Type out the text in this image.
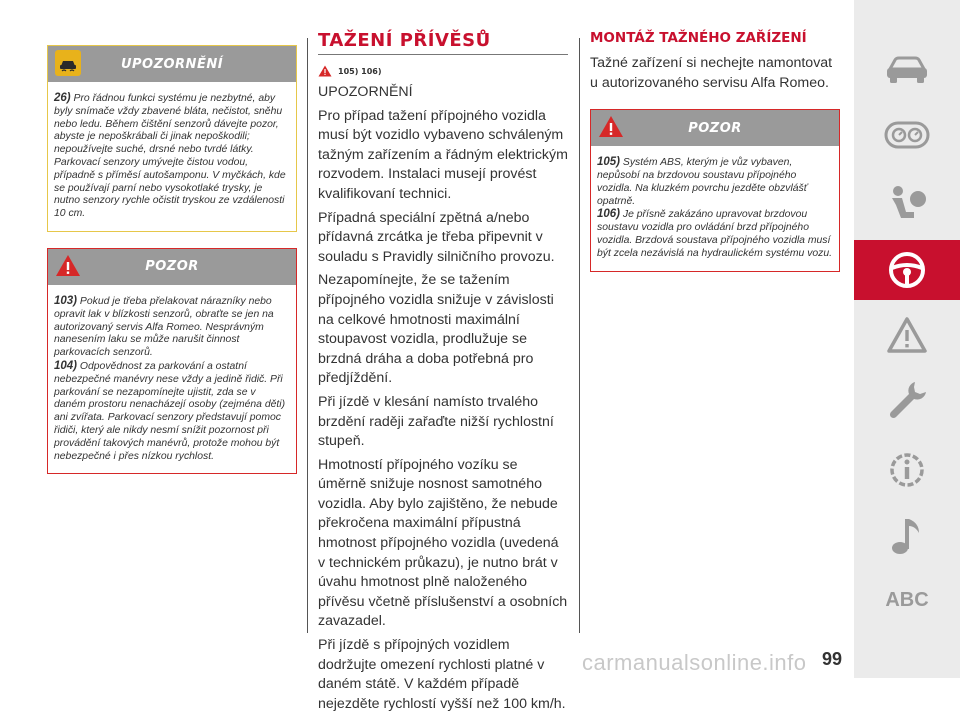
UPOZORNĚNÍ

26) Pro řádnou funkci systému je nezbytné, aby byly snímače vždy zbavené bláta, nečistot, sněhu nebo ledu. Během čištění senzorů dávejte pozor, abyste je nepoškrábali či jinak nepoškodili; nepoužívejte suché, drsné nebo tvrdé látky. Parkovací senzory umývejte čistou vodou, případně s příměsí autošamponu. V myčkách, kde se používají parní nebo vysokotlaké trysky, je nutno senzory rychle očistit tryskou ze vzdálenosti 10 cm.

POZOR

103) Pokud je třeba přelakovat nárazníky nebo opravit lak v blízkosti senzorů, obraťte se jen na autorizovaný servis Alfa Romeo. Nesprávným nanesením laku se může narušit činnost parkovacích senzorů.

104) Odpovědnost za parkování a ostatní nebezpečné manévry nese vždy a jedině řidič. Při parkování se nezapomínejte ujistit, zda se v daném prostoru nenacházejí osoby (zejména děti) ani zvířata. Parkovací senzory představují pomoc řidiči, který ale nikdy nesmí snížit pozornost při provádění takových manévrů, protože mohou být nebezpečné i přes nízkou rychlost.

TAŽENÍ PŘÍVĚSŮ
105) 106)

UPOZORNĚNÍ

Pro případ tažení přípojného vozidla musí být vozidlo vybaveno schváleným tažným zařízením a řádným elektrickým rozvodem. Instalaci musejí provést kvalifikovaní technici.

Případná speciální zpětná a/nebo přídavná zrcátka je třeba připevnit v souladu s Pravidly silničního provozu.

Nezapomínejte, že se tažením přípojného vozidla snižuje v závislosti na celkové hmotnosti maximální stoupavost vozidla, prodlužuje se brzdná dráha a doba potřebná pro předjíždění.

Při jízdě v klesání namísto trvalého brzdění raději zařaďte nižší rychlostní stupeň.

Hmotností přípojného vozíku se úměrně snižuje nosnost samotného vozidla. Aby bylo zajištěno, že nebude překročena maximální přípustná hmotnost přípojného vozidla (uvedená v technickém průkazu), je nutno brát v úvahu hmotnost plně naloženého přívěsu včetně příslušenství a osobních zavazadel.

Při jízdě s přípojných vozidlem dodržujte omezení rychlosti platné v daném státě. V každém případě nejezděte rychlostí vyšší než 100 km/h.

MONTÁŽ TAŽNÉHO ZAŘÍZENÍ

Tažné zařízení si nechejte namontovat u autorizovaného servisu Alfa Romeo.

POZOR

105) Systém ABS, kterým je vůz vybaven, nepůsobí na brzdovou soustavu přípojného vozidla. Na kluzkém povrchu jezděte obzvlášť opatrně.

106) Je přísně zakázáno upravovat brzdovou soustavu vozidla pro ovládání brzd přípojného vozidla. Brzdová soustava přípojného vozidla musí být zcela nezávislá na hydraulickém systému vozu.

ABC
carmanualsonline.info 99
